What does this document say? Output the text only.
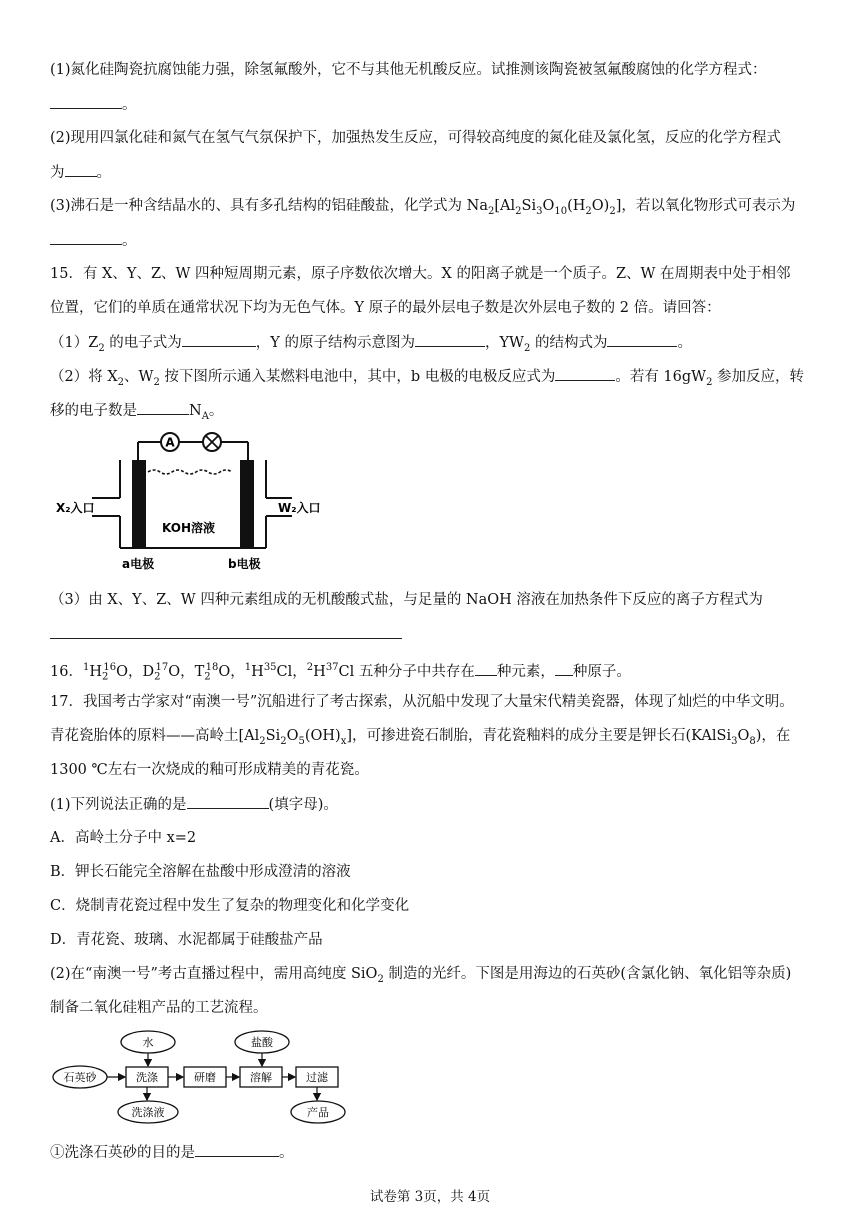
(1)氮化硅陶瓷抗腐蚀能力强，除氢氟酸外，它不与其他无机酸反应。试推测该陶瓷被氢氟酸腐蚀的化学方程式：
。
(2)现用四氯化硅和氮气在氢气气氛保护下，加强热发生反应，可得较高纯度的氮化硅及氯化氢，反应的化学方程式
为 。
(3)沸石是一种含结晶水的、具有多孔结构的铝硅酸盐，化学式为 $Na_2[Al_2Si_3O_{10}(H_2O)_2]$，若以氧化物形式可表示为
。
15．有 X、Y、Z、W 四种短周期元素，原子序数依次增大。X 的阳离子就是一个质子。Z、W 在周期表中处于相邻
位置，它们的单质在通常状况下均为无色气体。Y 原子的最外层电子数是次外层电子数的 2 倍。请回答：
$(1)Z_2$ 的电子式为	，Y 的原子结构示意图为	，$YW_2$ 的结构式为	。
（2）将 $X_2$、$W_2$ 按下图所示通入某燃料电池中，其中，b 电极的电极反应式为	。若有 $16gW_2$ 参加反应，转
移的电子数是	$N_A$。
A
X₂入口	W₂入口
KOH溶液
a电极	b电极
（3）由 X、Y、Z、W 四种元素组成的无机酸酸式盐，与足量的 NaOH 溶液在加热条件下反应的离子方程式为
16．$^1H_2^{16}O$，$D_2^{17}O$，$T_2^{18}O$，$^1H^{35}Cl$，$^2H^{37}Cl$ 五种分子中共存在 种元素， 种原子。
17．我国考古学家对“南澳一号”沉船进行了考古探索，从沉船中发现了大量宋代精美瓷器，体现了灿烂的中华文明。
青花瓷胎体的原料——高岭土$[Al_2Si_2O_5(OH)_x]$，可掺进瓷石制胎，青花瓷釉料的成分主要是钾长石$(KAlSi_3O_8)$，在
1300 ℃左右一次烧成的釉可形成精美的青花瓷。
(1)下列说法正确的是	(填字母)。
A．高岭土分子中 x=2
B．钾长石能完全溶解在盐酸中形成澄清的溶液
C．烧制青花瓷过程中发生了复杂的物理变化和化学变化
D．青花瓷、玻璃、水泥都属于硅酸盐产品
(2)在“南澳一号”考古直播过程中，需用高纯度 SiO$_2$ 制造的光纤。下图是用海边的石英砂(含氯化钠、氧化铝等杂质)
制备二氧化硅粗产品的工艺流程。
水	盐酸
石英砂	洗涤	研磨	溶解	过滤
洗涤液	产品
①洗涤石英砂的目的是	。
试卷第 3页，共 4页
